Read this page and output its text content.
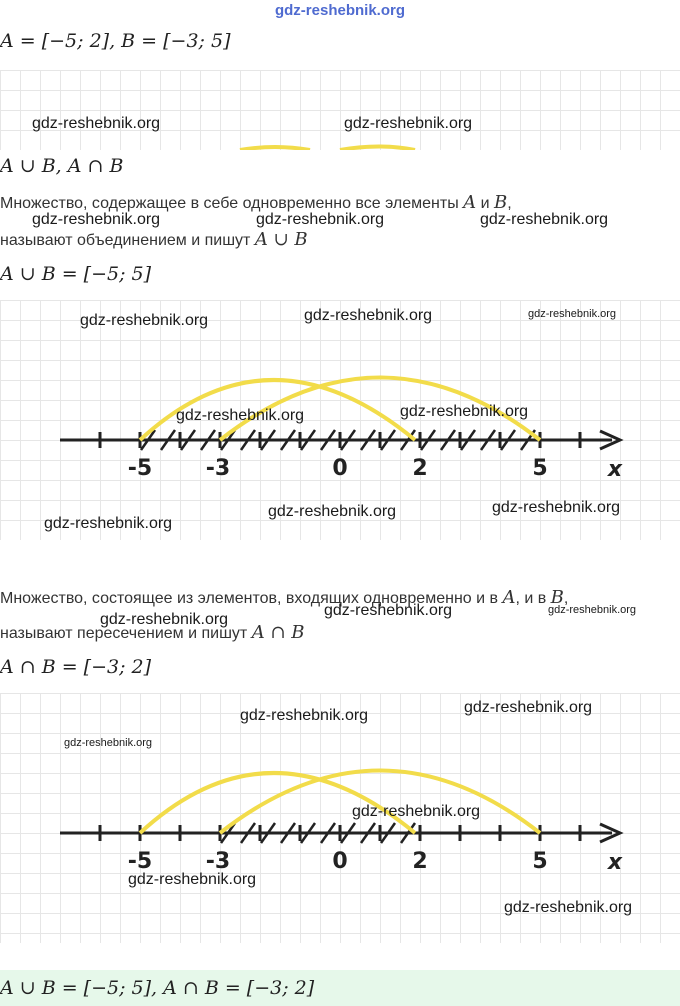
gdz-reshebnik.org
A = [−5; 2], B = [−3; 5]
gdz-reshebnik.org	gdz-reshebnik.org
A ∪ B, A ∩ B
Множество, содержащее в себе одновременно все элементы A и B,
называют объединением и пишут A ∪ B
gdz-reshebnik.org	gdz-reshebnik.org	gdz-reshebnik.org
A ∪ B = [−5; 5]
-5 -3	0	2	5	x
gdz-reshebnik.org	gdz-reshebnik.org	gdz-reshebnik.org
gdz-reshebnik.org	gdz-reshebnik.org
gdz-reshebnik.org
gdz-reshebnik.org	gdz-reshebnik.org
Множество, состоящее из элементов, входящих одновременно и в A, и в B,
называют пересечением и пишут A ∩ B
gdz-reshebnik.org
gdz-reshebnik.org	gdz-reshebnik.org
A ∩ B = [−3; 2]
-5 -3	0	2	5	x
gdz-reshebnik.org	gdz-reshebnik.org
gdz-reshebnik.org
gdz-reshebnik.org
gdz-reshebnik.org
gdz-reshebnik.org
A ∪ B = [−5; 5], A ∩ B = [−3; 2]
